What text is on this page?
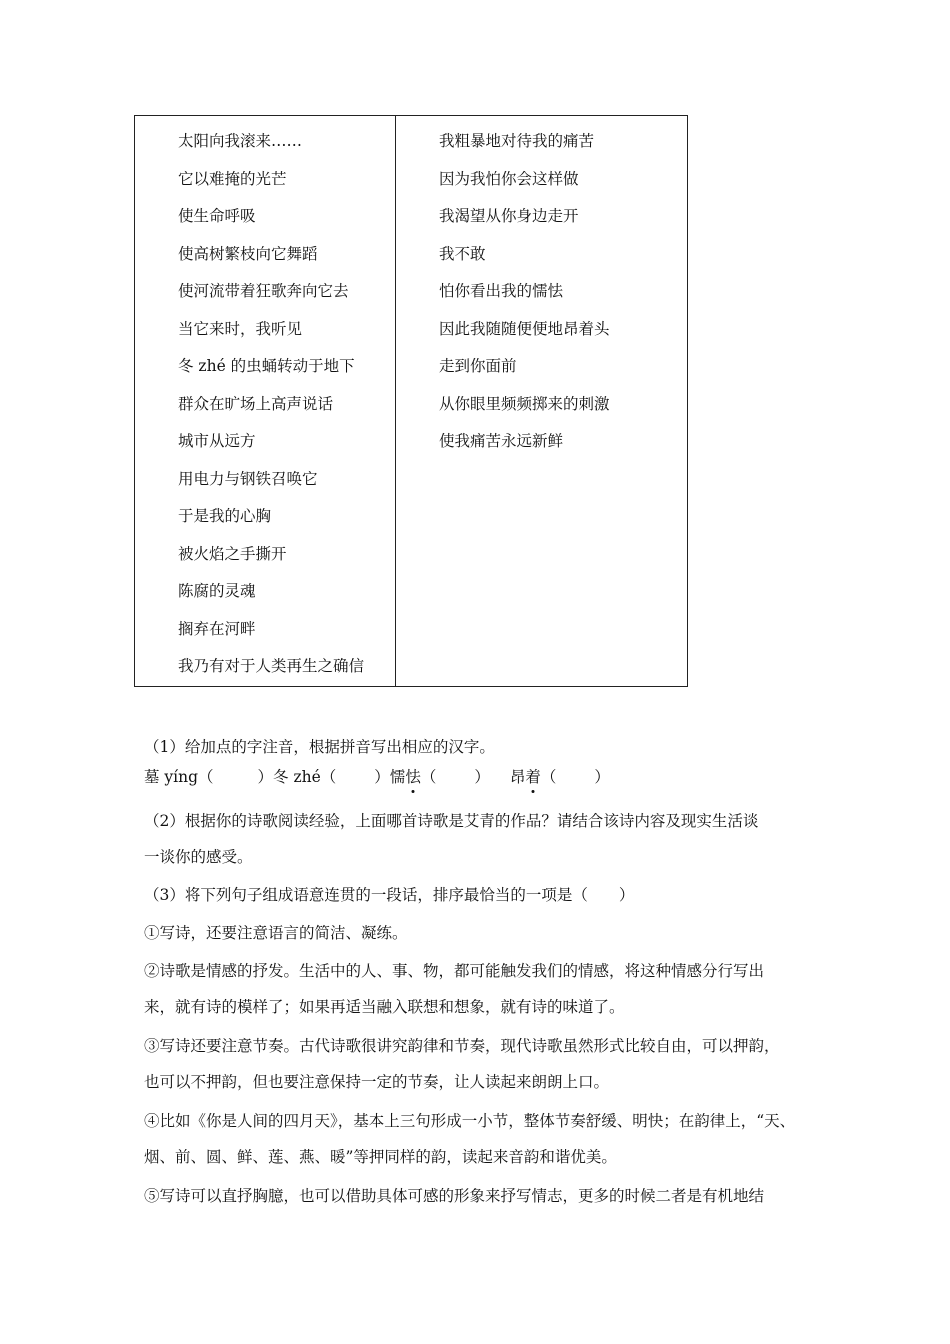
太阳向我滚来……
它以难掩的光芒
使生命呼吸
使高树繁枝向它舞蹈
使河流带着狂歌奔向它去
当它来时，我听见
冬 zhé 的虫蛹转动于地下
群众在旷场上高声说话
城市从远方
用电力与钢铁召唤它
于是我的心胸
被火焰之手撕开
陈腐的灵魂
搁弃在河畔
我乃有对于人类再生之确信
我粗暴地对待我的痛苦
因为我怕你会这样做
我渴望从你身边走开
我不敢
怕你看出我的懦怯
因此我随随便便地昂着头
走到你面前
从你眼里频频掷来的刺激
使我痛苦永远新鲜
（1）给加点的字注音，根据拼音写出相应的汉字。
墓 yíng（	）冬 zhé（ ）懦怯（ ） 昂着（ ）
（2）根据你的诗歌阅读经验，上面哪首诗歌是艾青的作品？请结合该诗内容及现实生活谈
一谈你的感受。
（3）将下列句子组成语意连贯的一段话，排序最恰当的一项是（　　）
①写诗，还要注意语言的简洁、凝练。
②诗歌是情感的抒发。生活中的人、事、物，都可能触发我们的情感，将这种情感分行写出
来，就有诗的模样了；如果再适当融入联想和想象，就有诗的味道了。
③写诗还要注意节奏。古代诗歌很讲究韵律和节奏，现代诗歌虽然形式比较自由，可以押韵，
也可以不押韵，但也要注意保持一定的节奏，让人读起来朗朗上口。
④比如《你是人间的四月天》，基本上三句形成一小节，整体节奏舒缓、明快；在韵律上，“天、
烟、前、圆、鲜、莲、燕、暖”等押同样的韵，读起来音韵和谐优美。
⑤写诗可以直抒胸臆，也可以借助具体可感的形象来抒写情志，更多的时候二者是有机地结
